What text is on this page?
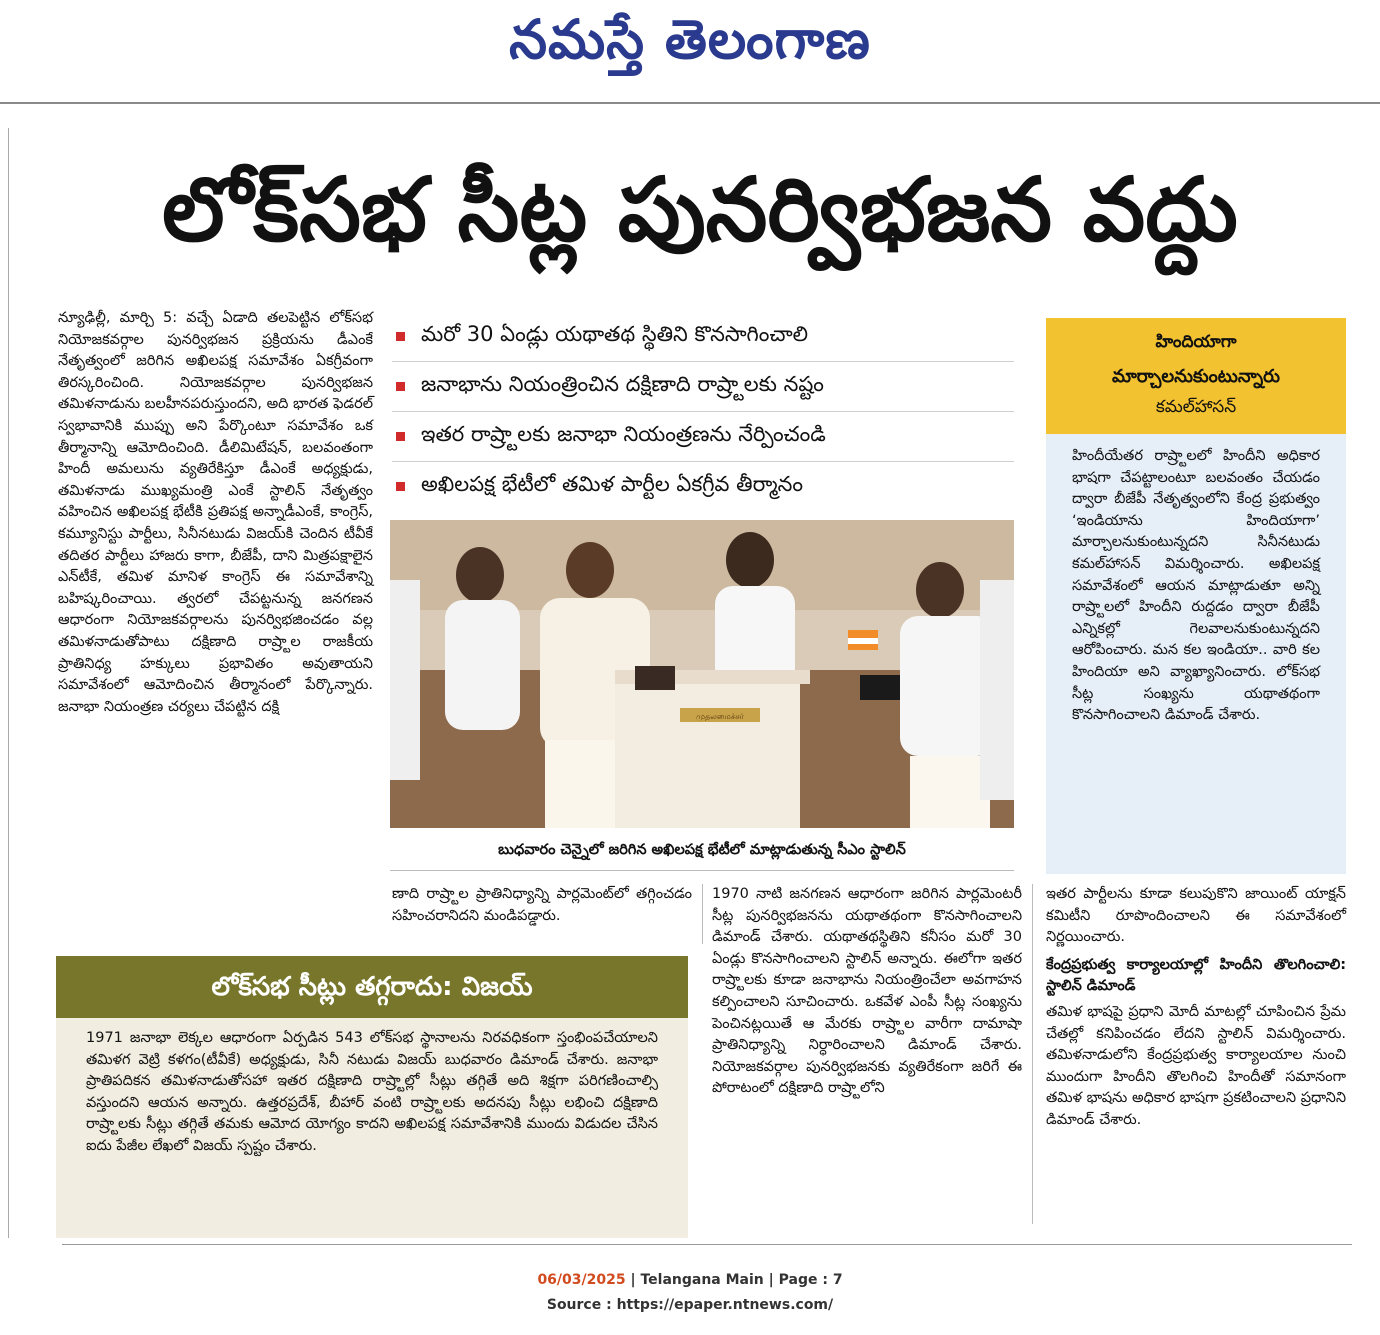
నమస్తే తెలంగాణ
లోక్‌సభ సీట్ల పునర్విభజన వద్దు

న్యూఢిల్లీ, మార్చి 5: వచ్చే ఏడాది తలపెట్టిన లోక్‌సభ నియోజకవర్గాల పునర్విభజన ప్రక్రియను డీఎంకే నేతృత్వంలో జరిగిన అఖిలపక్ష సమావేశం ఏకగ్రీవంగా తిరస్కరించింది. నియోజకవర్గాల పునర్విభజన తమిళనాడును బలహీనపరుస్తుందని, అది భారత ఫెడరల్ స్వభావానికి ముప్పు అని పేర్కొంటూ సమావేశం ఒక తీర్మానాన్ని ఆమోదించింది. డీలిమిటేషన్, బలవంతంగా హిందీ అమలును వ్యతిరేకిస్తూ డీఎంకే అధ్యక్షుడు, తమిళనాడు ముఖ్యమంత్రి ఎంకే స్టాలిన్ నేతృత్వం వహించిన అఖిలపక్ష భేటీకి ప్రతిపక్ష అన్నాడీఎంకే, కాంగ్రెస్, కమ్యూనిస్టు పార్టీలు, సినీనటుడు విజయ్‌కి చెందిన టీవీకే తదితర పార్టీలు హాజరు కాగా, బీజేపీ, దాని మిత్రపక్షాలైన ఎన్‌టీకే, తమిళ మానిళ కాంగ్రెస్ ఈ సమావేశాన్ని బహిష్కరించాయి. త్వరలో చేపట్టనున్న జనగణన ఆధారంగా నియోజకవర్గాలను పునర్విభజించడం వల్ల తమిళనాడుతోపాటు దక్షిణాది రాష్ర్టాల రాజకీయ ప్రాతినిధ్య హక్కులు ప్రభావితం అవుతాయని సమావేశంలో ఆమోదించిన తీర్మానంలో పేర్కొన్నారు. జనాభా నియంత్రణ చర్యలు చేపట్టిన దక్షి

మరో 30 ఏండ్లు యథాతథ స్థితిని కొనసాగించాలి
జనాభాను నియంత్రించిన దక్షిణాది రాష్ర్టాలకు నష్టం
ఇతర రాష్ర్టాలకు జనాభా నియంత్రణను నేర్పించండి
అఖిలపక్ష భేటీలో తమిళ పార్టీల ఏకగ్రీవ తీర్మానం
முதலமைச்சர்
బుధవారం చెన్నైలో జరిగిన అఖిలపక్ష భేటీలో మాట్లాడుతున్న సీఎం స్టాలిన్

ణాది రాష్ర్టాల ప్రాతినిధ్యాన్ని పార్లమెంట్‌లో తగ్గించడం సహించరానిదని మండిపడ్డారు.

1970 నాటి జనగణన ఆధారంగా జరిగిన పార్లమెంటరీ సీట్ల పునర్విభజనను యథాతథంగా కొనసాగించాలని డిమాండ్ చేశారు. యథాతథస్థితిని కనీసం మరో 30 ఏండ్లు కొనసాగించాలని స్టాలిన్ అన్నారు. ఈలోగా ఇతర రాష్ర్టాలకు కూడా జనాభాను నియంత్రించేలా అవగాహన కల్పించాలని సూచించారు. ఒకవేళ ఎంపీ సీట్ల సంఖ్యను పెంచినట్లయితే ఆ మేరకు రాష్ర్టాల వారీగా దామాషా ప్రాతినిధ్యాన్ని నిర్ధారించాలని డిమాండ్ చేశారు. నియోజకవర్గాల పునర్విభజనకు వ్యతిరేకంగా జరిగే ఈ పోరాటంలో దక్షిణాది రాష్ర్టాలోని

హిందియాగా
మార్చాలనుకుంటున్నారు
కమల్‌హాసన్

హిందీయేతర రాష్ర్టాలలో హిందీని అధికార భాషగా చేపట్టాలంటూ బలవంతం చేయడం ద్వారా బీజేపీ నేతృత్వంలోని కేంద్ర ప్రభుత్వం ‘ఇండియాను హిందియాగా’ మార్చాలనుకుంటున్నదని సినీనటుడు కమల్‌హాసన్ విమర్శించారు. అఖిలపక్ష సమావేశంలో ఆయన మాట్లాడుతూ అన్ని రాష్ర్టాలలో హిందీని రుద్దడం ద్వారా బీజేపీ ఎన్నికల్లో గెలవాలనుకుంటున్నదని ఆరోపించారు. మన కల ఇండియా.. వారి కల హిందియా అని వ్యాఖ్యానించారు. లోక్‌సభ సీట్ల సంఖ్యను యథాతథంగా కొనసాగించాలని డిమాండ్ చేశారు.

ఇతర పార్టీలను కూడా కలుపుకొని జాయింట్ యాక్షన్ కమిటీని రూపొందించాలని ఈ సమావేశంలో నిర్ణయించారు.

కేంద్రప్రభుత్వ కార్యాలయాల్లో హిందీని తొలగించాలి: స్టాలిన్ డిమాండ్

తమిళ భాషపై ప్రధాని మోదీ మాటల్లో చూపించిన ప్రేమ చేతల్లో కనిపించడం లేదని స్టాలిన్ విమర్శించారు. తమిళనాడులోని కేంద్రప్రభుత్వ కార్యాలయాల నుంచి ముందుగా హిందీని తొలగించి హిందీతో సమానంగా తమిళ భాషను అధికార భాషగా ప్రకటించాలని ప్రధానిని డిమాండ్ చేశారు.

లోక్‌సభ సీట్లు తగ్గరాదు: విజయ్

1971 జనాభా లెక్కల ఆధారంగా ఏర్పడిన 543 లోక్‌సభ స్థానాలను నిరవధికంగా స్తంభింపచేయాలని తమిళగ వెట్రి కళగం(టీవీకే) అధ్యక్షుడు, సినీ నటుడు విజయ్ బుధవారం డిమాండ్ చేశారు. జనాభా ప్రాతిపదికన తమిళనాడుతోసహా ఇతర దక్షిణాది రాష్ర్టాల్లో సీట్లు తగ్గితే అది శిక్షగా పరిగణించాల్సి వస్తుందని ఆయన అన్నారు. ఉత్తరప్రదేశ్, బీహార్ వంటి రాష్ర్టాలకు అదనపు సీట్లు లభించి దక్షిణాది రాష్ర్టాలకు సీట్లు తగ్గితే తమకు ఆమోద యోగ్యం కాదని అఖిలపక్ష సమావేశానికి ముందు విడుదల చేసిన ఐదు పేజీల లేఖలో విజయ్ స్పష్టం చేశారు.

06/03/2025 | Telangana Main | Page : 7
Source : https://epaper.ntnews.com/
